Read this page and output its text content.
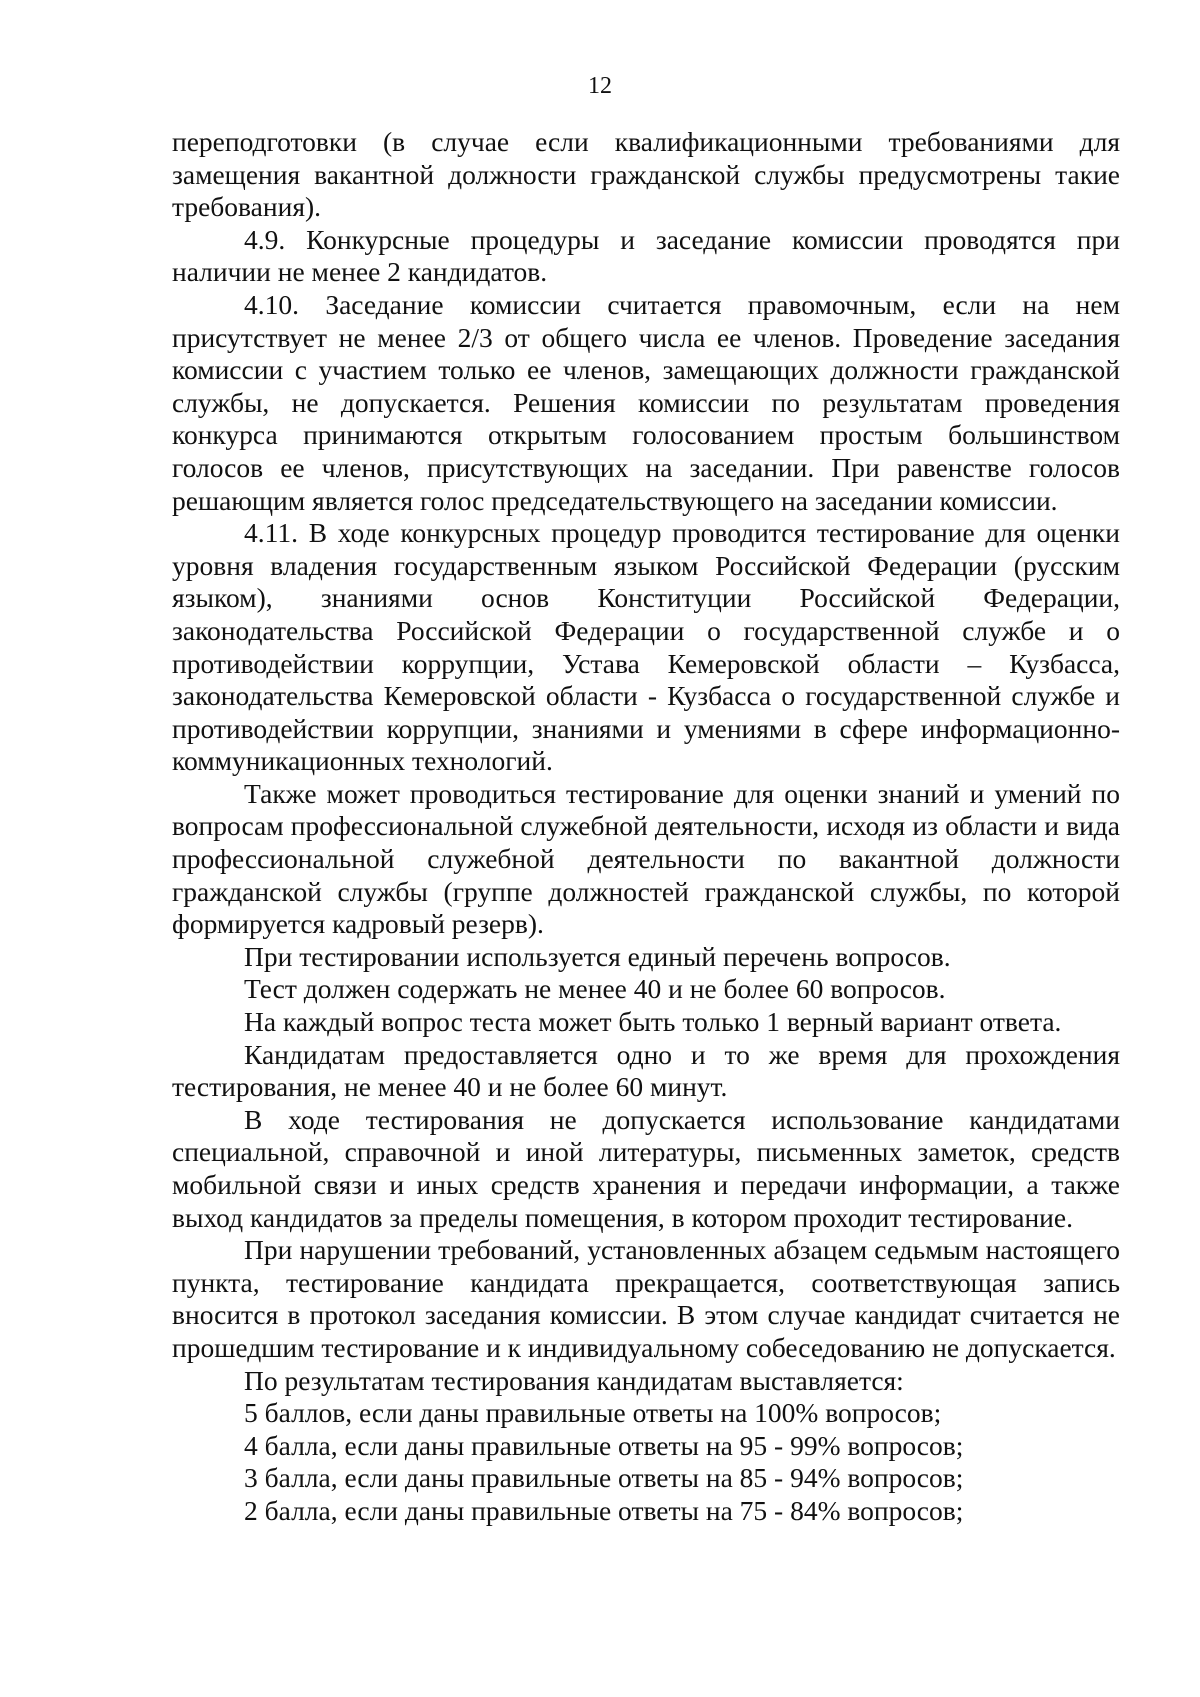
12

переподготовки (в случае если квалификационными требованиями для замещения вакантной должности гражданской службы предусмотрены такие требования).

4.9. Конкурсные процедуры и заседание комиссии проводятся при наличии не менее 2 кандидатов.

4.10. Заседание комиссии считается правомочным, если на нем присутствует не менее 2/3 от общего числа ее членов. Проведение заседания комиссии с участием только ее членов, замещающих должности гражданской службы, не допускается. Решения комиссии по результатам проведения конкурса принимаются открытым голосованием простым большинством голосов ее членов, присутствующих на заседании. При равенстве голосов решающим является голос председательствующего на заседании комиссии.

4.11. В ходе конкурсных процедур проводится тестирование для оценки уровня владения государственным языком Российской Федерации (русским языком), знаниями основ Конституции Российской Федерации, законодательства Российской Федерации о государственной службе и о противодействии коррупции, Устава Кемеровской области – Кузбасса, законодательства Кемеровской области - Кузбасса о государственной службе и противодействии коррупции, знаниями и умениями в сфере информационно-коммуникационных технологий.

Также может проводиться тестирование для оценки знаний и умений по вопросам профессиональной служебной деятельности, исходя из области и вида профессиональной служебной деятельности по вакантной должности гражданской службы (группе должностей гражданской службы, по которой формируется кадровый резерв).

При тестировании используется единый перечень вопросов.

Тест должен содержать не менее 40 и не более 60 вопросов.

На каждый вопрос теста может быть только 1 верный вариант ответа.

Кандидатам предоставляется одно и то же время для прохождения тестирования, не менее 40 и не более 60 минут.

В ходе тестирования не допускается использование кандидатами специальной, справочной и иной литературы, письменных заметок, средств мобильной связи и иных средств хранения и передачи информации, а также выход кандидатов за пределы помещения, в котором проходит тестирование.

При нарушении требований, установленных абзацем седьмым настоящего пункта, тестирование кандидата прекращается, соответствующая запись вносится в протокол заседания комиссии. В этом случае кандидат считается не прошедшим тестирование и к индивидуальному собеседованию не допускается.

По результатам тестирования кандидатам выставляется:

5 баллов, если даны правильные ответы на 100% вопросов;

4 балла, если даны правильные ответы на 95 - 99% вопросов;

3 балла, если даны правильные ответы на 85 - 94% вопросов;

2 балла, если даны правильные ответы на 75 - 84% вопросов;
